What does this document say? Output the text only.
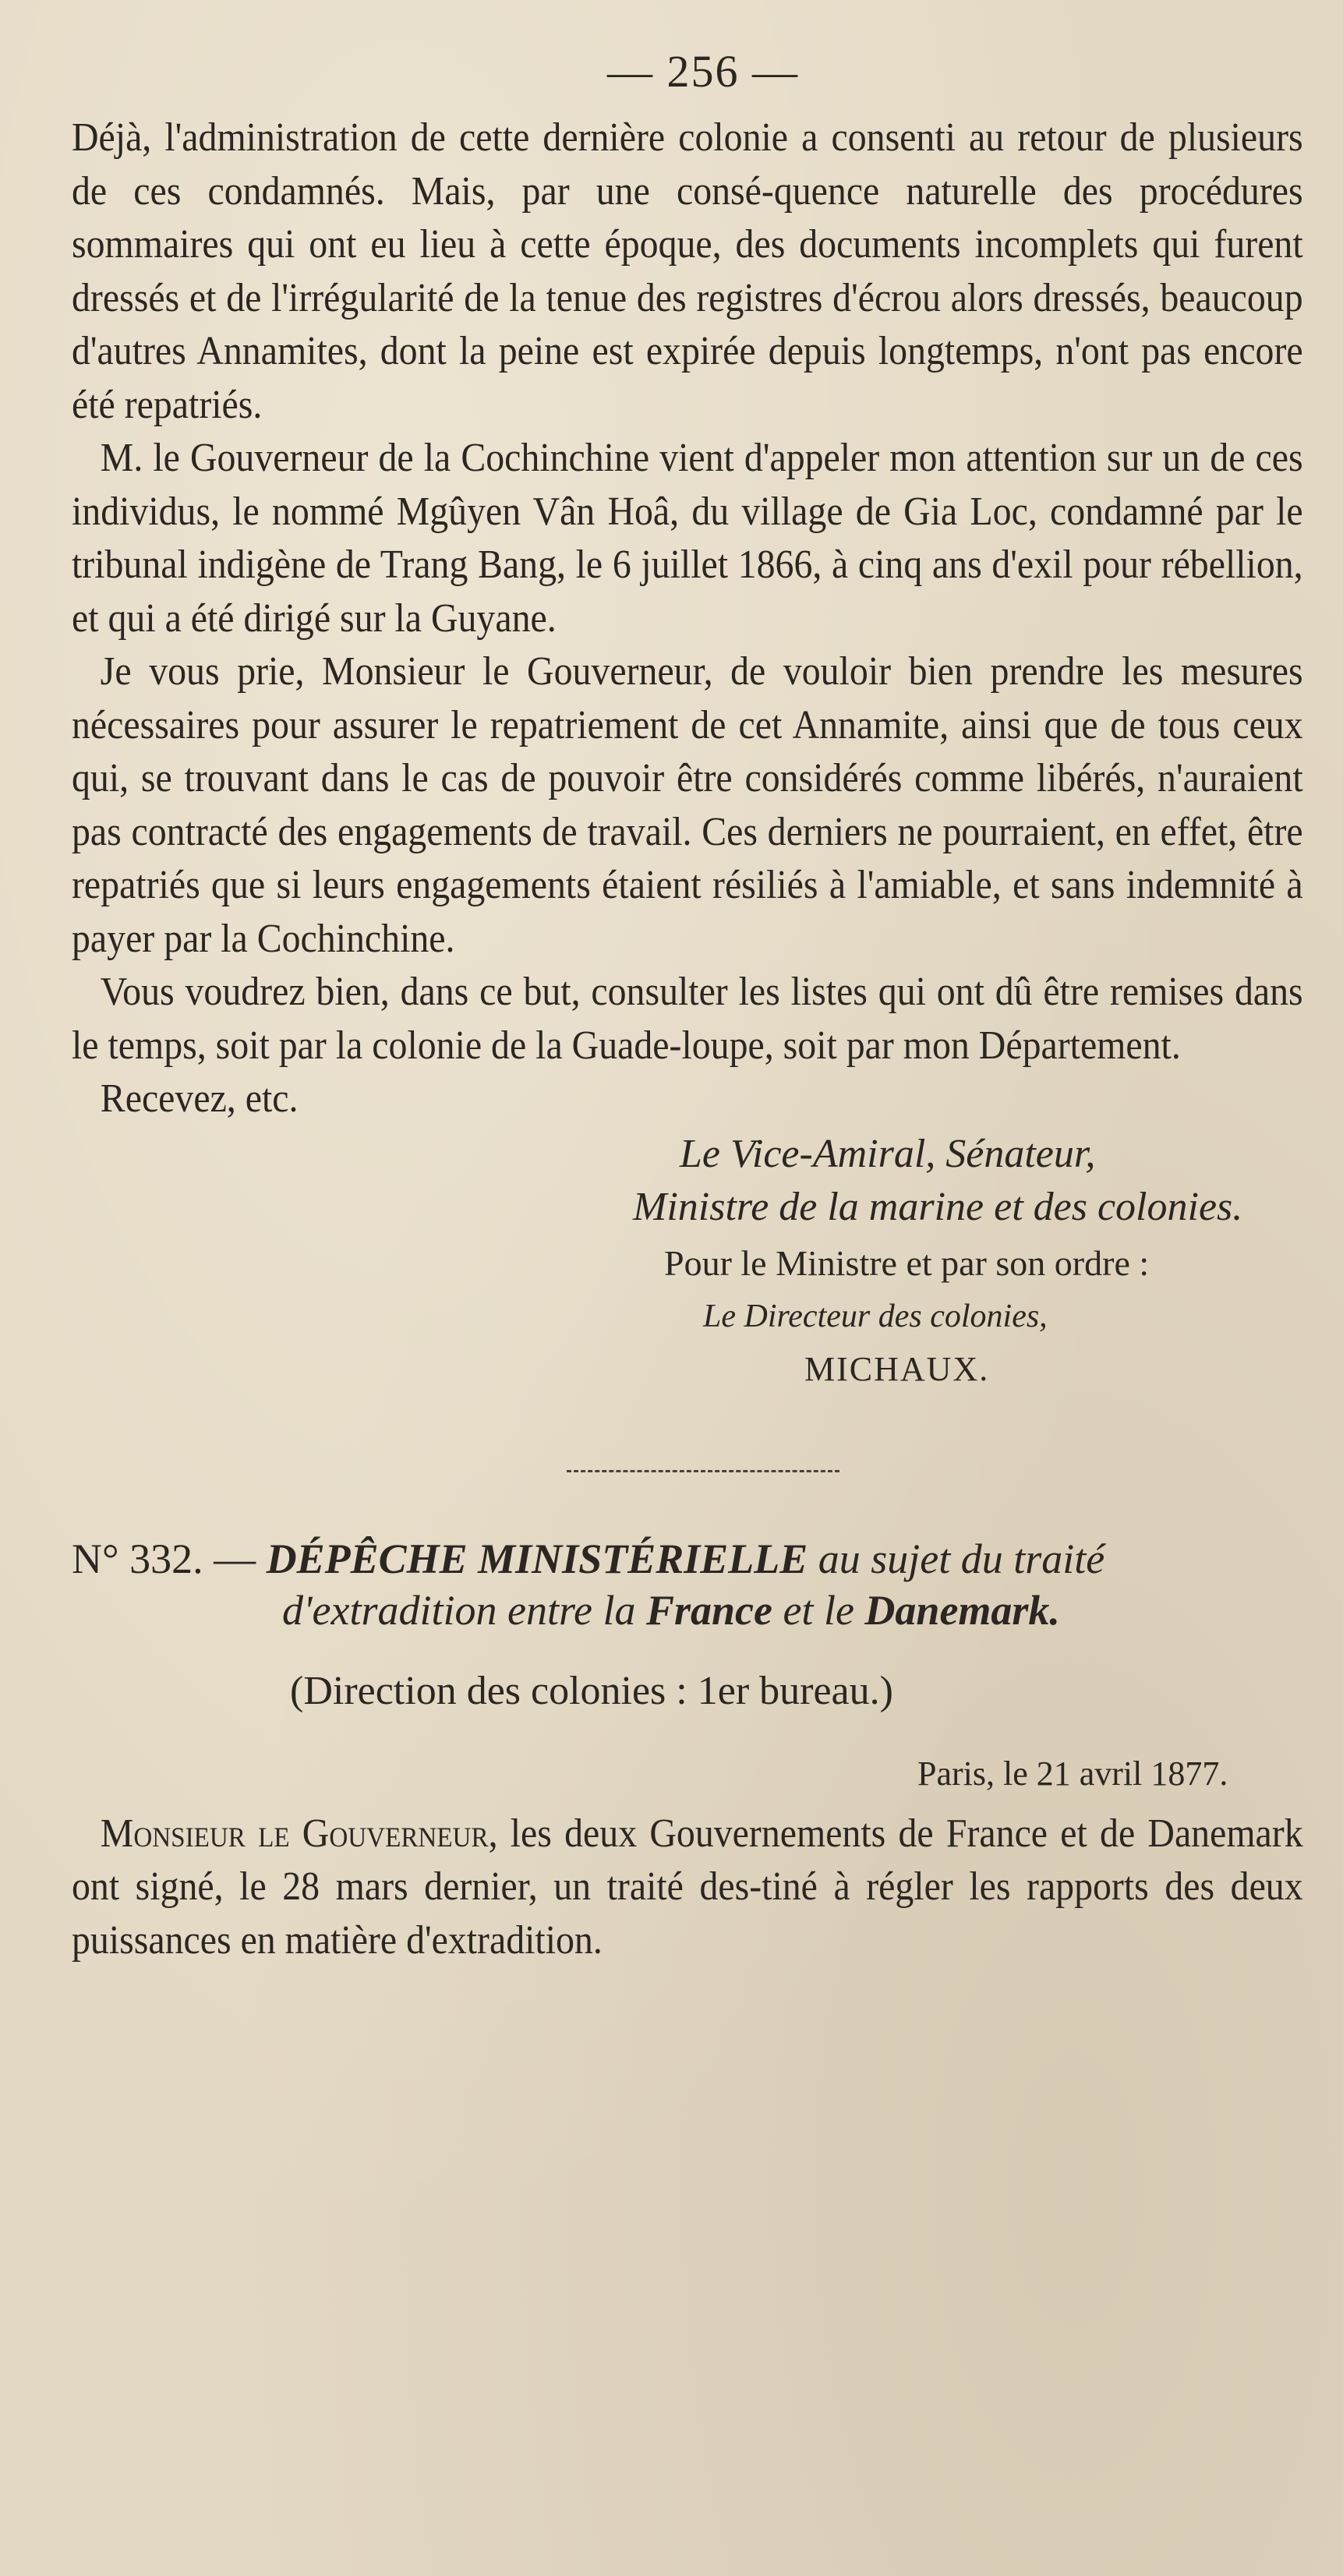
— 256 —

Déjà, l'administration de cette dernière colonie a consenti au retour de plusieurs de ces condamnés. Mais, par une consé-quence naturelle des procédures sommaires qui ont eu lieu à cette époque, des documents incomplets qui furent dressés et de l'irrégularité de la tenue des registres d'écrou alors dressés, beaucoup d'autres Annamites, dont la peine est expirée depuis longtemps, n'ont pas encore été repatriés.

M. le Gouverneur de la Cochinchine vient d'appeler mon attention sur un de ces individus, le nommé Mgûyen Vân Hoâ, du village de Gia Loc, condamné par le tribunal indigène de Trang Bang, le 6 juillet 1866, à cinq ans d'exil pour rébellion, et qui a été dirigé sur la Guyane.

Je vous prie, Monsieur le Gouverneur, de vouloir bien prendre les mesures nécessaires pour assurer le repatriement de cet Annamite, ainsi que de tous ceux qui, se trouvant dans le cas de pouvoir être considérés comme libérés, n'auraient pas contracté des engagements de travail. Ces derniers ne pourraient, en effet, être repatriés que si leurs engagements étaient résiliés à l'amiable, et sans indemnité à payer par la Cochinchine.

Vous voudrez bien, dans ce but, consulter les listes qui ont dû être remises dans le temps, soit par la colonie de la Guade-loupe, soit par mon Département.

Recevez, etc.

Le Vice-Amiral, Sénateur,
Ministre de la marine et des colonies.
Pour le Ministre et par son ordre :
Le Directeur des colonies,
MICHAUX.
N° 332. — DÉPÊCHE MINISTÉRIELLE au sujet du traité
d'extradition entre la France et le Danemark.
(Direction des colonies : 1er bureau.)
Paris, le 21 avril 1877.

Monsieur le Gouverneur, les deux Gouvernements de France et de Danemark ont signé, le 28 mars dernier, un traité des-tiné à régler les rapports des deux puissances en matière d'extradition.
